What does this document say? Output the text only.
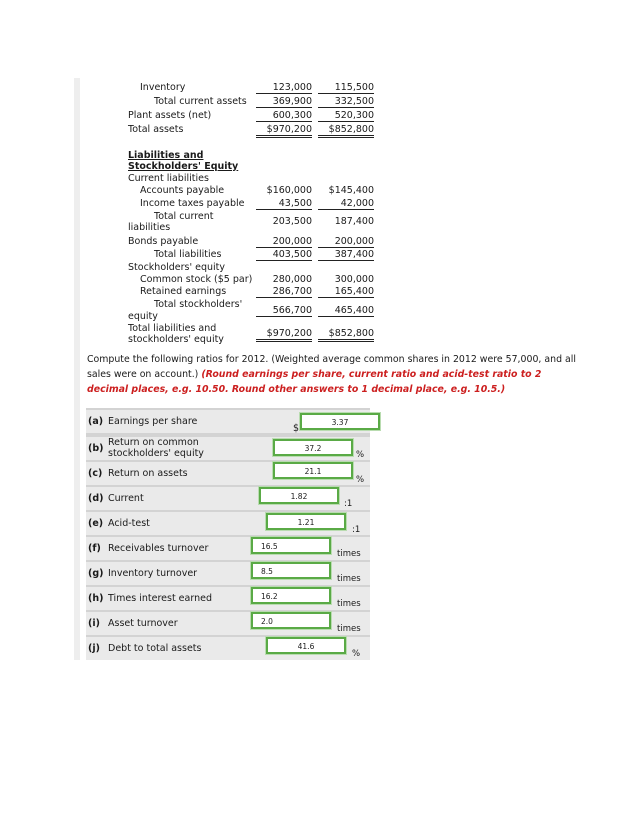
Inventory	123,000	115,500
Total current assets	369,900	332,500
Plant assets (net)	600,300	520,300
Total assets	$970,200	$852,800
Liabilities and
Stockholders' Equity
Current liabilities
Accounts payable	$160,000	$145,400
Income taxes payable	43,500	42,000
Total current
liabilities
203,500	187,400
Bonds payable	200,000	200,000
Total liabilities	403,500	387,400
Stockholders' equity
Common stock ($5 par)	280,000	300,000
Retained earnings	286,700	165,400
Total stockholders'
equity
566,700	465,400
Total liabilities and
stockholders' equity
$970,200	$852,800
Compute the following ratios for 2012. (Weighted average common shares in 2012 were 57,000, and all sales were on account.) (Round earnings per share, current ratio and acid-test ratio to 2 decimal places, e.g. 10.50. Round other answers to 1 decimal place, e.g. 10.5.)
(a) Earnings per share
$
3.37
(b)
Return on common stockholders' equity	37.2
%
(c) Return on assets	21.1
%
(d) Current	1.82
:1
(e) Acid-test	1.21
:1
(f) Receivables turnover	16.5
times
(g) Inventory turnover	8.5
times
(h) Times interest earned	16.2
times
(i) Asset turnover	2.0
times
(j) Debt to total assets	41.6
%
